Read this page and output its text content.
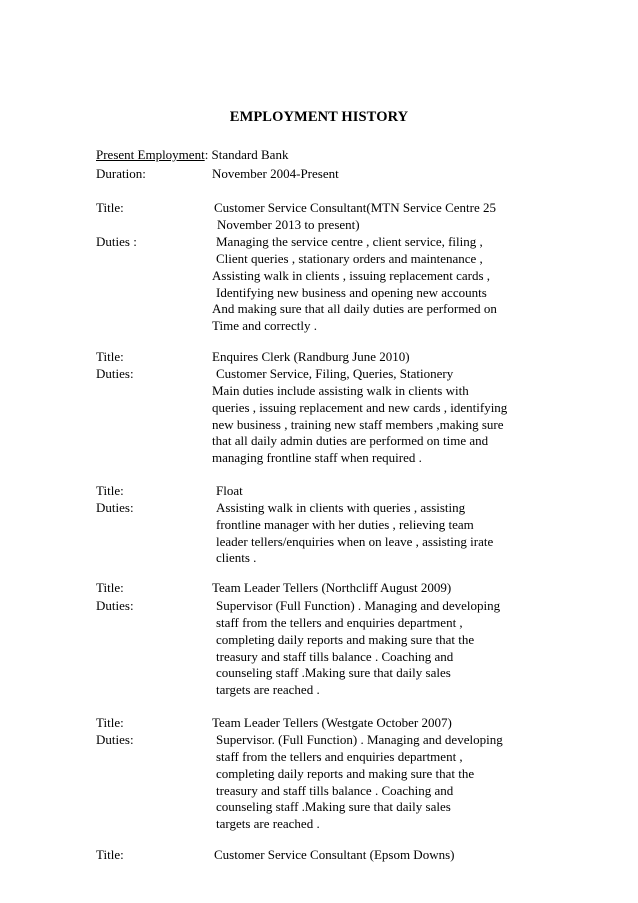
EMPLOYMENT HISTORY
Present Employment: Standard Bank
Duration:	November 2004-Present
Title:	Customer Service Consultant(MTN Service Centre 25
November 2013 to present)
Duties :	Managing the service centre , client service, filing ,
Client queries , stationary orders and maintenance ,
Assisting walk in clients , issuing replacement cards ,
Identifying new business and opening new accounts
And making sure that all daily duties are performed on
Time and correctly .
Title:	Enquires Clerk (Randburg June 2010)
Duties:	Customer Service, Filing, Queries, Stationery
Main duties include assisting walk in clients with
queries , issuing replacement and new cards , identifying
new business , training new staff members ,making sure
that all daily admin duties are performed on time and
managing frontline staff when required .
Title:	Float
Duties:	Assisting walk in clients with queries , assisting
frontline manager with her duties , relieving team
leader tellers/enquiries when on leave , assisting irate
clients .
Title:	Team Leader Tellers (Northcliff August 2009)
Duties:	Supervisor (Full Function) . Managing and developing
staff from the tellers and enquiries department ,
completing daily reports and making sure that the
treasury and staff tills balance . Coaching and
counseling staff .Making sure that daily sales
targets are reached .
Title:	Team Leader Tellers (Westgate October 2007)
Duties:	Supervisor. (Full Function) . Managing and developing
staff from the tellers and enquiries department ,
completing daily reports and making sure that the
treasury and staff tills balance . Coaching and
counseling staff .Making sure that daily sales
targets are reached .
Title:	Customer Service Consultant (Epsom Downs)
